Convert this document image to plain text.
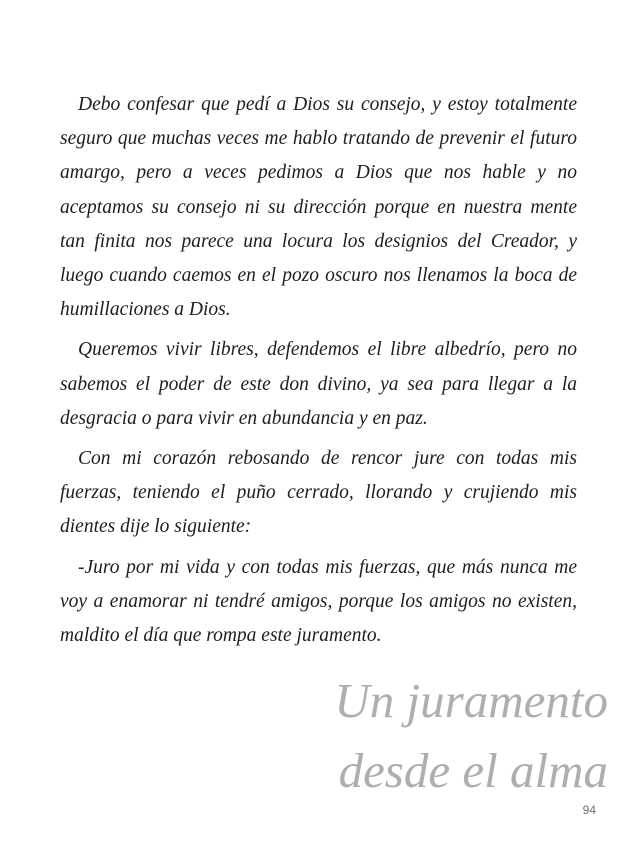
Debo confesar que pedí a Dios su consejo, y estoy totalmente seguro que muchas veces me hablo tratando de prevenir el futuro amargo, pero a veces pedimos a Dios que nos hable y no aceptamos su consejo ni su dirección porque en nuestra mente tan finita nos parece una locura los designios del Creador, y luego cuando caemos en el pozo oscuro nos llenamos la boca de humillaciones a Dios.

Queremos vivir libres, defendemos el libre albedrío, pero no sabemos el poder de este don divino, ya sea para llegar a la desgracia o para vivir en abundancia y en paz.

Con mi corazón rebosando de rencor jure con todas mis fuerzas, teniendo el puño cerrado, llorando y crujiendo mis dientes dije lo siguiente:

-Juro por mi vida y con todas mis fuerzas, que más nunca me voy a enamorar ni tendré amigos, porque los amigos no existen, maldito el día que rompa este juramento.

Un juramento
desde el alma
94
